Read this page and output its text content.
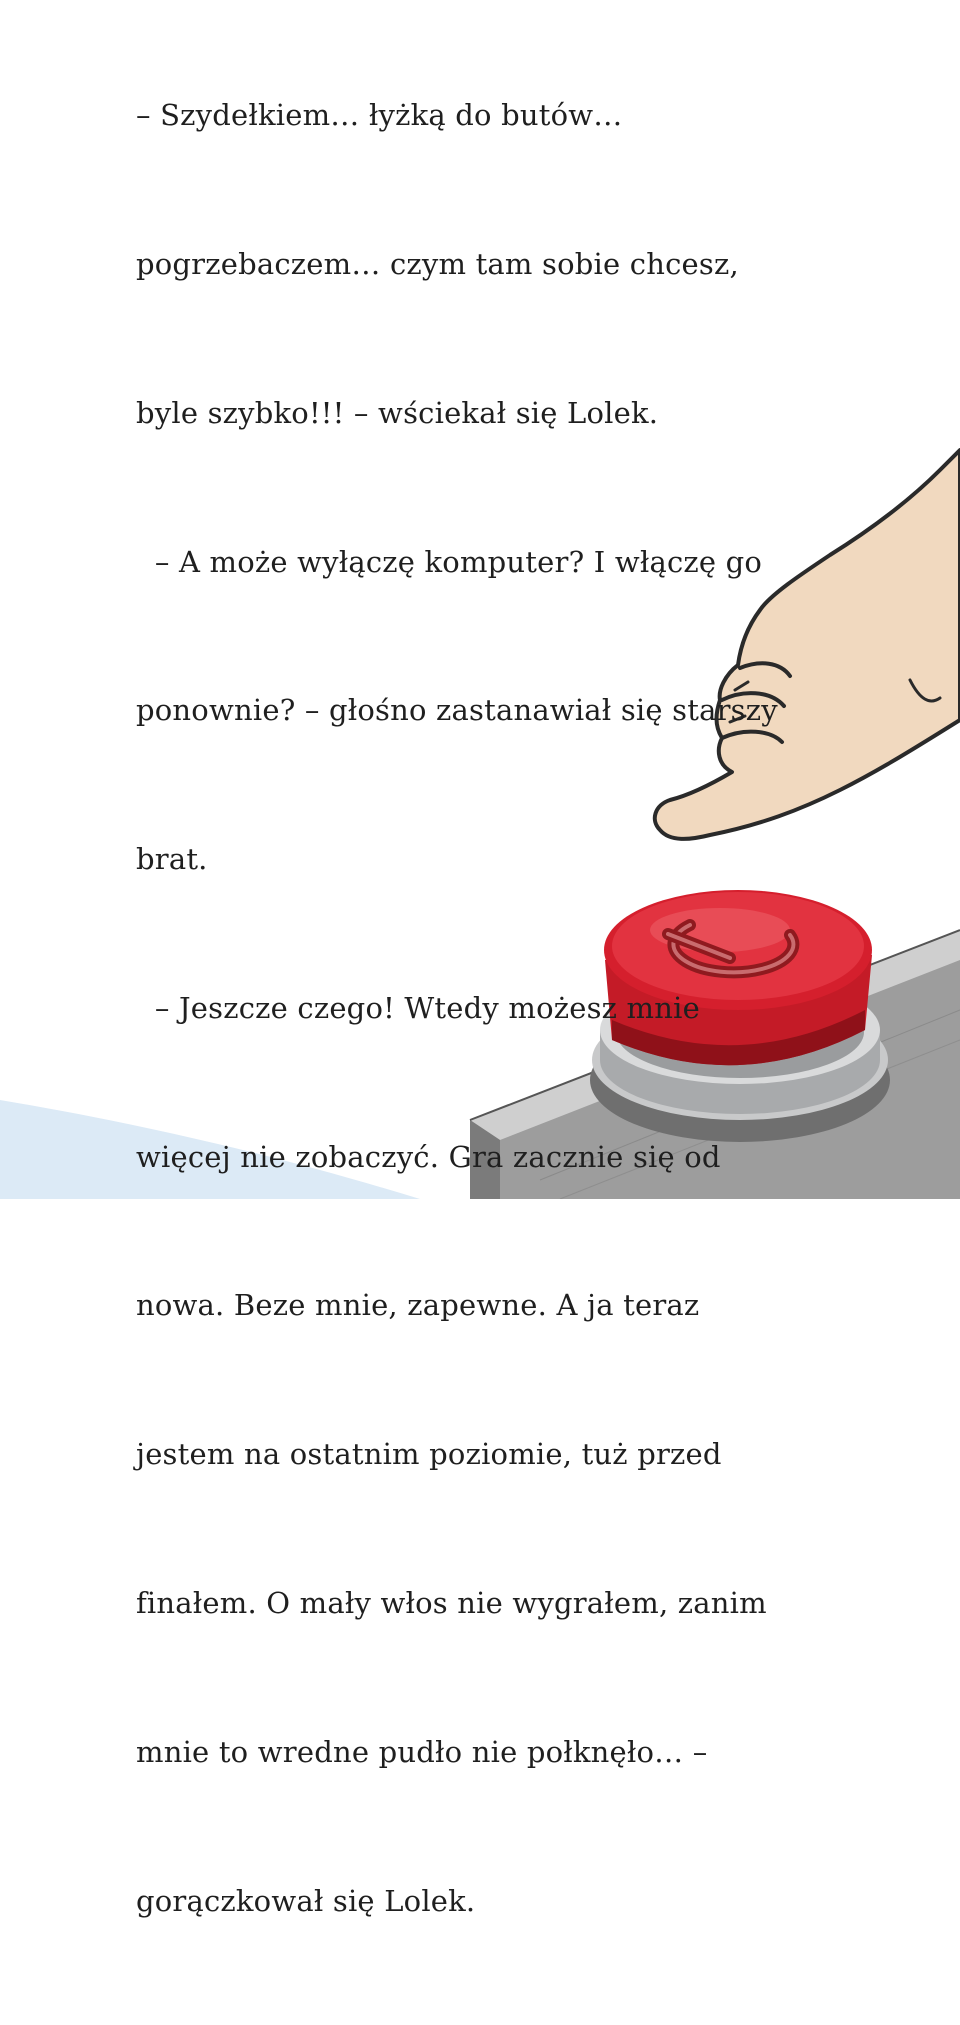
– Szydełkiem… łyżką do butów…

pogrzebaczem… czym tam sobie chcesz,

byle szybko!!! – wściekał się Lolek.

– A może wyłączę komputer? I włączę go

ponownie? – głośno zastanawiał się starszy

brat.

– Jeszcze czego! Wtedy możesz mnie

więcej nie zobaczyć. Gra zacznie się od

nowa. Beze mnie, zapewne. A ja teraz

jestem na ostatnim poziomie, tuż przed

finałem. O mały włos nie wygrałem, zanim

mnie to wredne pudło nie połknęło… –

gorączkował się Lolek.
